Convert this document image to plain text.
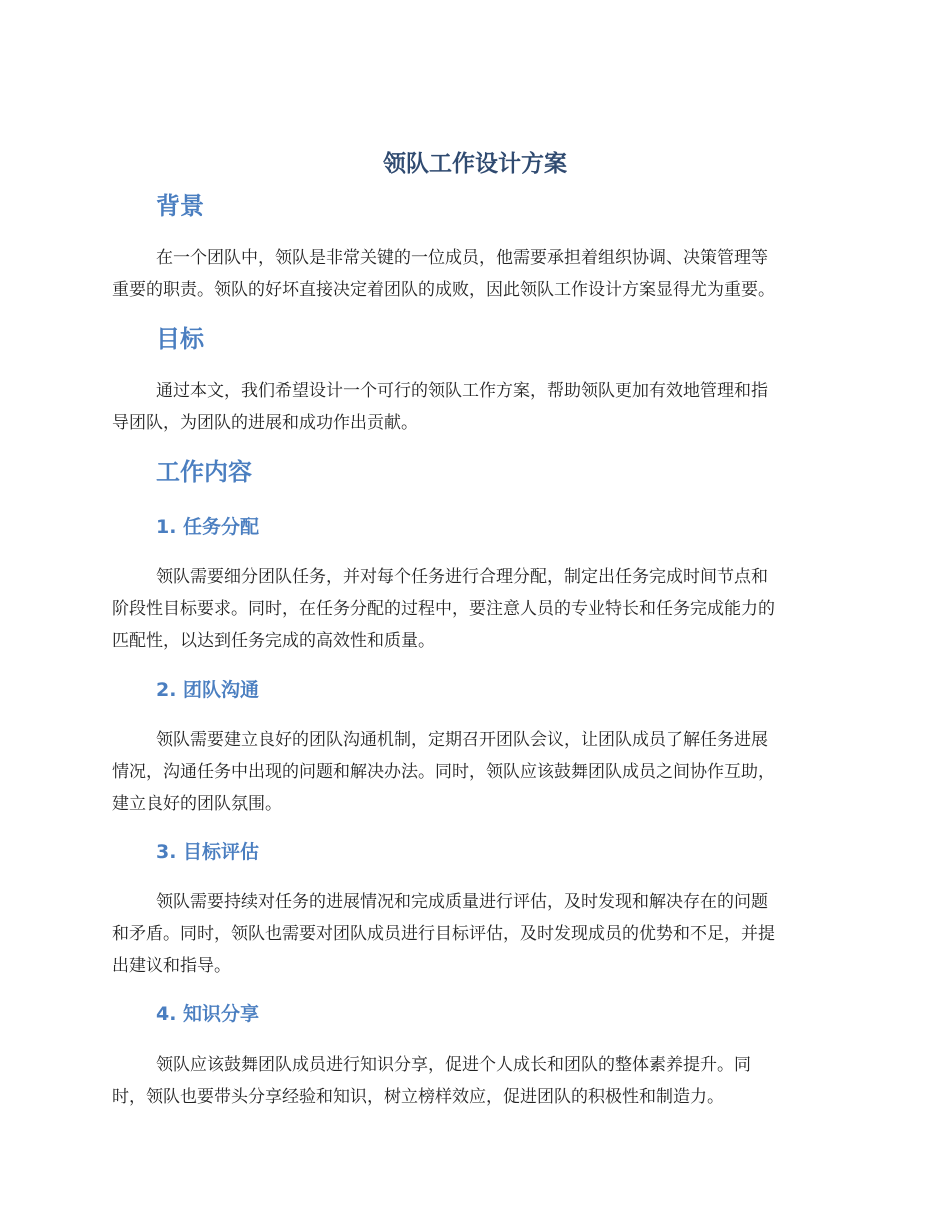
领队工作设计方案
背景
在一个团队中，领队是非常关键的一位成员，他需要承担着组织协调、决策管理等
重要的职责。领队的好坏直接决定着团队的成败，因此领队工作设计方案显得尤为重要。
目标
通过本文，我们希望设计一个可行的领队工作方案，帮助领队更加有效地管理和指
导团队，为团队的进展和成功作出贡献。
工作内容
1. 任务分配
领队需要细分团队任务，并对每个任务进行合理分配，制定出任务完成时间节点和
阶段性目标要求。同时，在任务分配的过程中，要注意人员的专业特长和任务完成能力的
匹配性，以达到任务完成的高效性和质量。
2. 团队沟通
领队需要建立良好的团队沟通机制，定期召开团队会议，让团队成员了解任务进展
情况，沟通任务中出现的问题和解决办法。同时，领队应该鼓舞团队成员之间协作互助，
建立良好的团队氛围。
3. 目标评估
领队需要持续对任务的进展情况和完成质量进行评估，及时发现和解决存在的问题
和矛盾。同时，领队也需要对团队成员进行目标评估，及时发现成员的优势和不足，并提
出建议和指导。
4. 知识分享
领队应该鼓舞团队成员进行知识分享，促进个人成长和团队的整体素养提升。同
时，领队也要带头分享经验和知识，树立榜样效应，促进团队的积极性和制造力。
